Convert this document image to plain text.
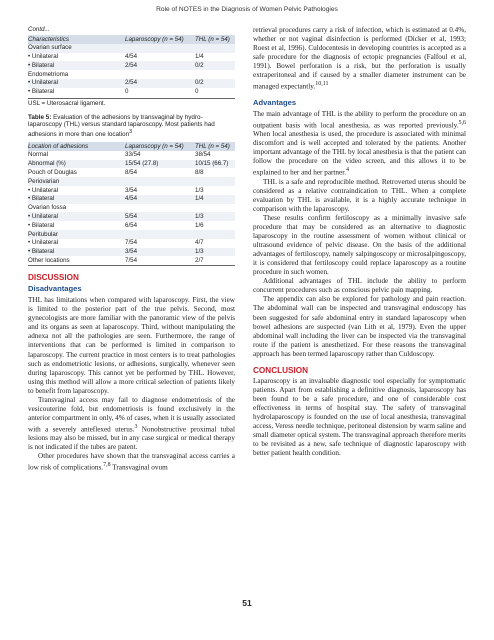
Role of NOTES in the Diagnosis of Women Pelvic Pathologies
Contd...
Characteristics	Laparoscopy (n = 54)	THL (n = 54)
Ovarian surface		
• Unilateral	4/54	1/4
• Bilateral	2/54	0/2
Endometrioma		
• Unilateral	2/54	0/2
• Bilateral	0	0
USL = Uterosacral ligament.
Table 5: Evaluation of the adhesions by transvaginal by hydro-laparoscopy (THL) versus standard laparoscopy. Most patients had adhesions in more than one location$^3$
Location of adhesions	Laparoscopy (n = 54)	THL (n = 54)
Normal	33/54	38/54
Abnormal (%)	15/54 (27.8)	10/15 (66.7)
Pouch of Douglas	8/54	8/8
Periovarian		
• Unilateral	3/54	1/3
• Bilateral	4/54	1/4
Ovarian fossa		
• Unilateral	5/54	1/3
• Bilateral	6/54	1/6
Peritubular		
• Unilateral	7/54	4/7
• Bilateral	3/54	1/3
Other locations	7/54	2/7
DISCUSSION
Disadvantages

THL has limitations when compared with laparoscopy. First, the view is limited to the posterior part of the true pelvis. Second, most gynecologists are more familiar with the panoramic view of the pelvis and its organs as seen at laparoscopy. Third, without manipulating the adnexa not all the pathologies are seen. Furthermore, the range of interventions that can be performed is limited in comparison to laparoscopy. The current practice in most centers is to treat pathologies such as endometriotic lesions, or adhesions, surgically, whenever seen during laparoscopy. This cannot yet be performed by THL. However, using this method will allow a more critical selection of patients likely to benefit from laparoscopy.

Transvaginal access may fail to diagnose endometriosis of the vesicouterine fold, but endometriosis is found exclusively in the anterior compartment in only, 4% of cases, when it is usually associated with a severely anteflexed uterus.$^3$ Nonobstructive proximal tubal lesions may also be missed, but in any case surgical or medical therapy is not indicated if the tubes are patent.

Other procedures have shown that the transvaginal access carries a low risk of complications.$^{7,8}$ Transvaginal ovum

retrieval procedures carry a risk of infection, which is estimated at 0.4%, whether or not vaginal disinfection is performed (Dicker et al, 1993; Roest et al, 1996). Culdocentesis in developing countries is accepted as a safe procedure for the diagnosis of ectopic pregnancies (Falfoul et al, 1991). Bowel perforation is a risk, but the perforation is usually extraperitoneal and if caused by a smaller diameter instrument can be managed expectantly.$^{10,11}$

Advantages

The main advantage of THL is the ability to perform the procedure on an outpatient basis with local anesthesia, as was reported previously.$^{5,6}$ When local anesthesia is used, the procedure is associated with minimal discomfort and is well accepted and tolerated by the patients. Another important advantage of the THL by local anesthesia is that the patient can follow the procedure on the video screen, and this allows it to be explained to her and her partner.$^4$

THL is a safe and reproducible method. Retroverted uterus should be considered as a relative contraindication to THL. When a complete evaluation by THL is available, it is a highly accurate technique in comparison with the laparoscopy.

These results confirm fertiloscopy as a minimally invasive safe procedure that may be considered as an alternative to diagnostic laparoscopy in the routine assessment of women without clinical or ultrasound evidence of pelvic disease. On the basis of the additional advantages of fertiloscopy, namely salpingoscopy or microsalpingoscopy, it is considered that fertiloscopy could replace laparoscopy as a routine procedure in such women.

Additional advantages of THL include the ability to perform concurrent procedures such as conscious pelvic pain mapping.

The appendix can also be explored for pathology and pain reaction. The abdominal wall can be inspected and transvaginal endoscopy has been suggested for safe abdominal entry in standard laparoscopy when bowel adhesions are suspected (van Lith et al, 1979). Even the upper abdominal wall including the liver can be inspected via the transvaginal route if the patient is anesthetized. For these reasons the transvaginal approach has been termed laparoscopy rather than Culdoscopy.

CONCLUSION

Laparoscopy is an invaluable diagnostic tool especially for symptomatic patients. Apart from establishing a definitive diagnosis, laparoscopy has been found to be a safe procedure, and one of considerable cost effectiveness in terms of hospital stay. The safety of transvaginal hydrolaparoscopy is founded on the use of local anesthesia, transvaginal access, Veress needle technique, peritoneal distension by warm saline and small diameter optical system. The transvaginal approach therefore merits to be revisited as a new, safe technique of diagnostic laparoscopy with better patient health condition.

51
